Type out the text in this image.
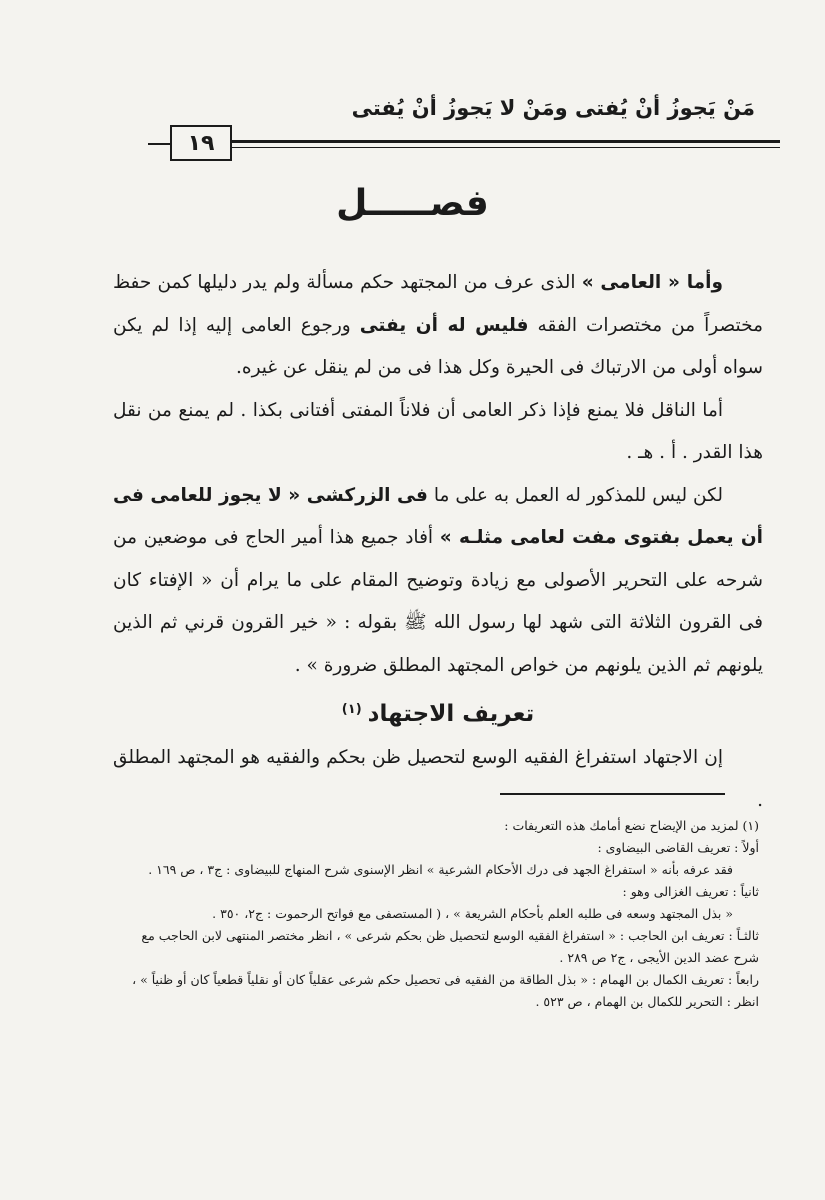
مَنْ يَجوزُ أنْ يُفتى ومَنْ لا يَجوزُ أنْ يُفتى
١٩
فصـــــل

وأما « العامى » الذى عرف من المجتهد حكم مسألة ولم يدر دليلها كمن حفظ مختصراً من مختصرات الفقه فليس له أن يفتى ورجوع العامى إليه إذا لم يكن سواه أولى من الارتباك فى الحيرة وكل هذا فى من لم ينقل عن غيره.

أما الناقل فلا يمنع فإذا ذكر العامى أن فلاناً المفتى أفتانى بكذا . لم يمنع من نقل هذا القدر . أ . هـ .

لكن ليس للمذكور له العمل به على ما فى الزركشى « لا يجوز للعامى فى أن يعمل بفتوى مفت لعامى مثلـه » أفاد جميع هذا أمير الحاج فى موضعين من شرحه على التحرير الأصولى مع زيادة وتوضيح المقام على ما يرام أن « الإفتاء كان فى القرون الثلاثة التى شهد لها رسول الله ﷺ بقوله : « خير القرون قرني ثم الذين يلونهم ثم الذين يلونهم من خواص المجتهد المطلق ضرورة » .

تعريف الاجتهاد$^{(١)}$

إن الاجتهاد استفراغ الفقيه الوسع لتحصيل ظن بحكم والفقيه هو المجتهد المطلق .

(١) لمزيد من الإيضاح نضع أمامك هذه التعريفات :

أولاً : تعريف القاضى البيضاوى :

فقد عرفه بأنه « استفراغ الجهد فى درك الأحكام الشرعية » انظر الإسنوى شرح المنهاج للبيضاوى : ج٣ ، ص ١٦٩ .

ثانياً : تعريف الغزالى وهو :

« بذل المجتهد وسعه فى طلبه العلم بأحكام الشريعة » ، ( المستصفى مع فواتح الرحموت : ج٢، ٣٥٠ .

ثالثـاً : تعريف ابن الحاجب : « استفراغ الفقيه الوسع لتحصيل ظن بحكم شرعى » ، انظر مختصر المنتهى لابن الحاجب مع شرح عضد الدين الأيجى ، ج٢ ص ٢٨٩ .

رابعاً : تعريف الكمال بن الهمام : « بذل الطاقة من الفقيه فى تحصيل حكم شرعى عقلياً كان أو نقلياً قطعياً كان أو ظنياً » ، انظر : التحرير للكمال بن الهمام ، ص ٥٢٣ .
